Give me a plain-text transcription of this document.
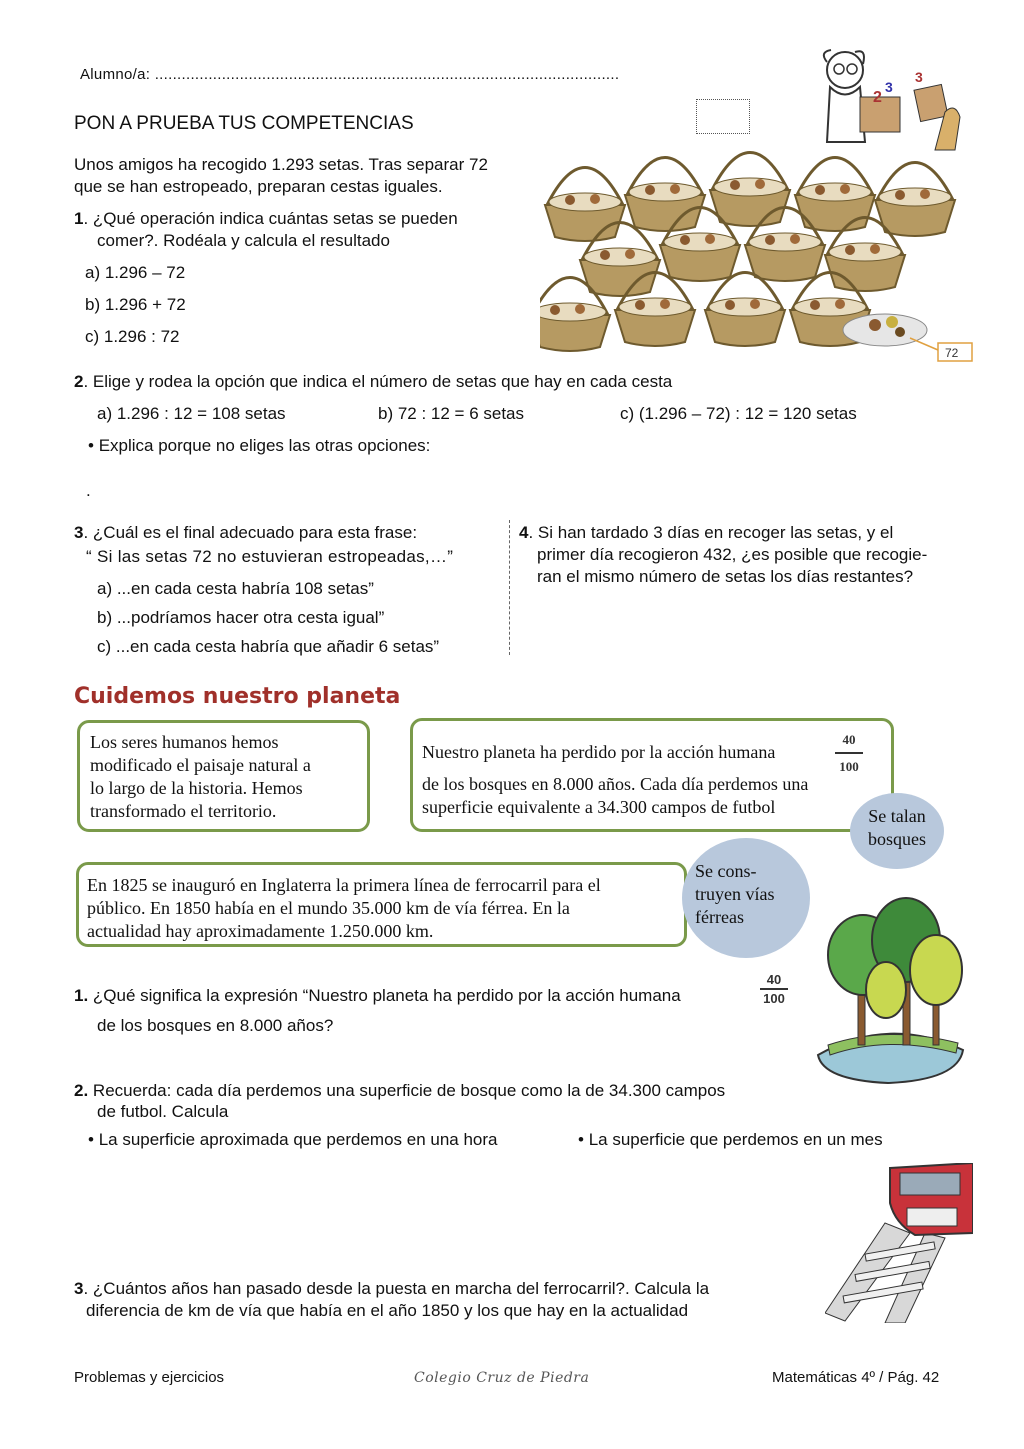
Alumno/a: ........................................................................................................
PON A PRUEBA TUS COMPETENCIAS
2
3
3
Unos amigos ha recogido 1.293 setas. Tras separar 72
que se han estropeado, preparan cestas iguales.
1. ¿Qué operación indica cuántas setas se pueden
comer?. Rodéala y calcula el resultado
a) 1.296 – 72
b) 1.296 + 72
c) 1.296 : 72
72
2. Elige y rodea la opción que indica el número de setas que hay en cada cesta
a) 1.296 : 12 = 108 setas	b) 72 : 12 = 6 setas	c) (1.296 – 72) : 12 = 120 setas
• Explica porque no eliges las otras opciones:
.
3. ¿Cuál es el final adecuado para esta frase:
“ Si las setas 72 no estuvieran estropeadas,…”
a) ...en cada cesta habría 108 setas”
b) ...podríamos hacer otra cesta igual”
c) ...en cada cesta habría que añadir 6 setas”
4. Si han tardado 3 días en recoger las setas, y el
primer día recogieron 432, ¿es posible que recogie-
ran el mismo número de setas los días restantes?
Cuidemos nuestro planeta
Los seres humanos hemos
modificado el paisaje natural a
lo largo de la historia. Hemos
transformado el territorio.
Nuestro planeta ha perdido por la acción humana
40
100
de los bosques en 8.000 años. Cada día perdemos una
superficie equivalente a 34.300 campos de futbol	Se talan
bosques
En 1825 se inauguró en Inglaterra la primera línea de ferrocarril para el
público. En 1850 había en el mundo 35.000 km de vía férrea. En la
actualidad hay aproximadamente 1.250.000 km.
Se cons-
truyen vías
férreas
1. ¿Qué significa la expresión “Nuestro planeta ha perdido por la acción humana
40
100
de los bosques en 8.000 años?
2. Recuerda: cada día perdemos una superficie de bosque como la de 34.300 campos
de futbol. Calcula
• La superficie aproximada que perdemos en una hora	• La superficie que perdemos en un mes
3. ¿Cuántos años han pasado desde la puesta en marcha del ferrocarril?. Calcula la
diferencia de km de vía que había en el año 1850 y los que hay en la actualidad
Problemas y ejercicios	Colegio Cruz de Piedra	Matemáticas 4º / Pág. 42
